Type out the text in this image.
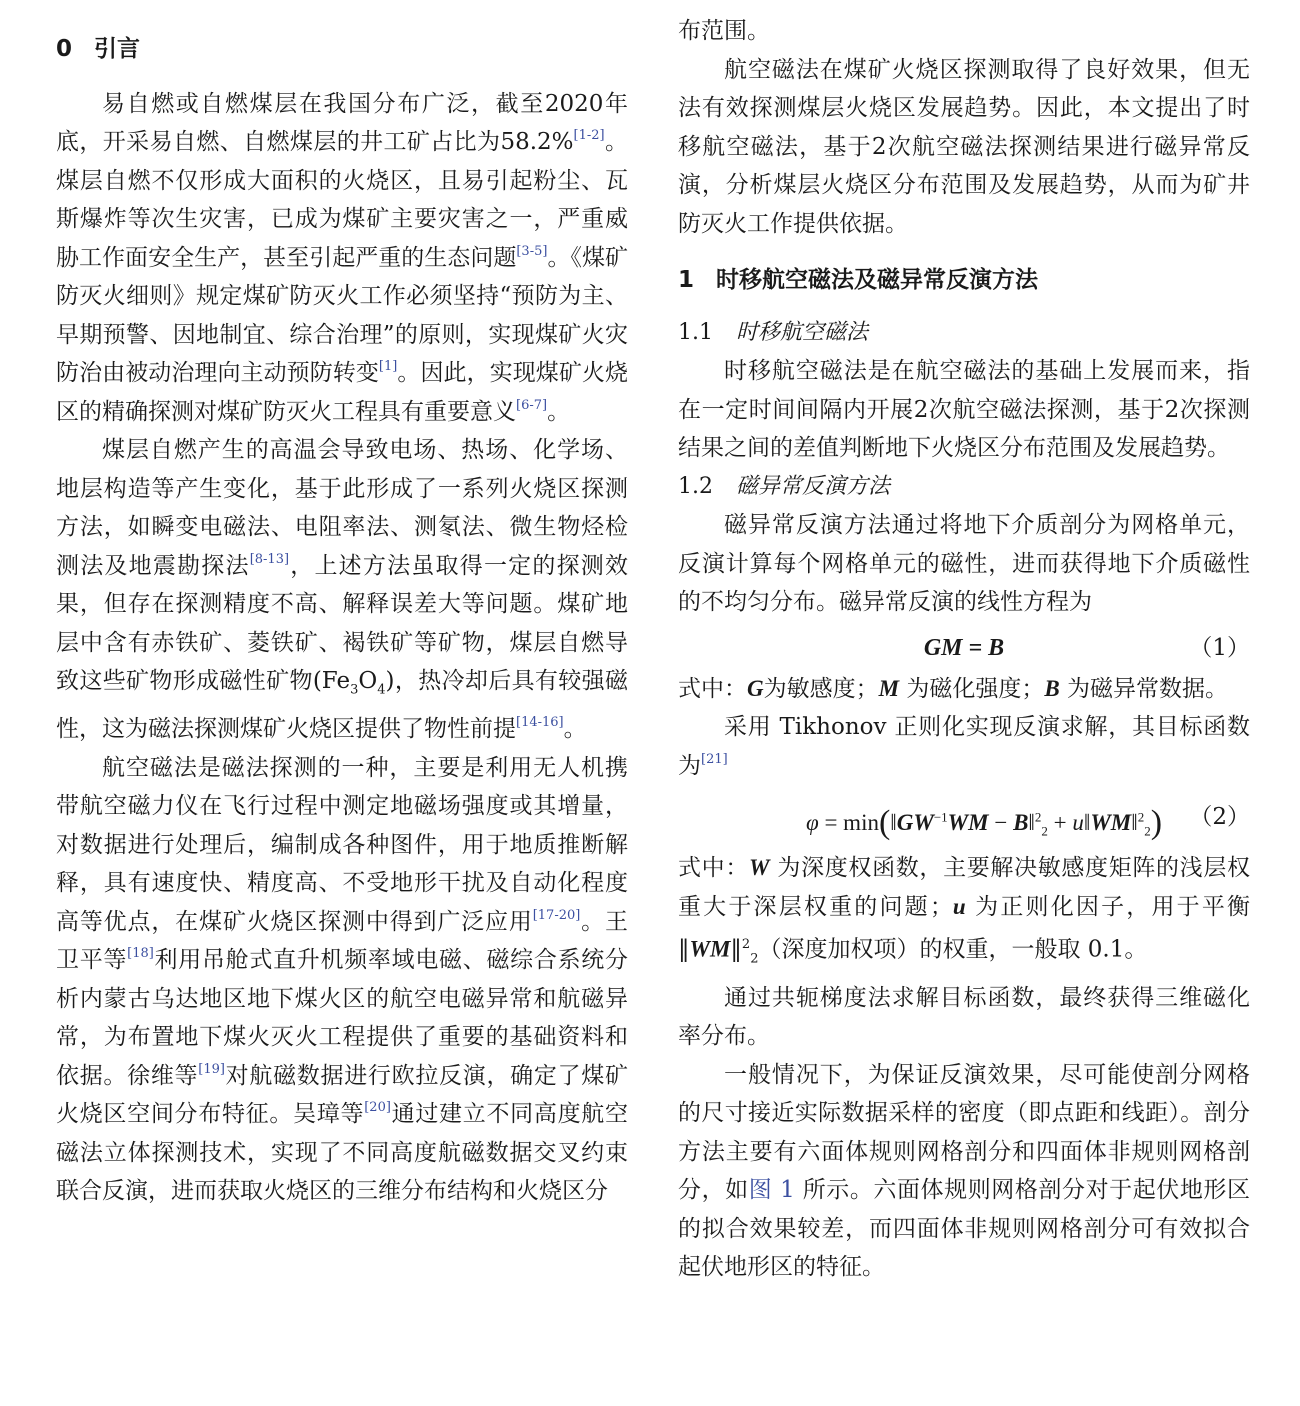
0 引言

易自燃或自燃煤层在我国分布广泛，截至2020年底，开采易自燃、自燃煤层的井工矿占比为58.2%[1-2]。煤层自燃不仅形成大面积的火烧区，且易引起粉尘、瓦斯爆炸等次生灾害，已成为煤矿主要灾害之一，严重威胁工作面安全生产，甚至引起严重的生态问题[3-5]。《煤矿防灭火细则》规定煤矿防灭火工作必须坚持“预防为主、早期预警、因地制宜、综合治理”的原则，实现煤矿火灾防治由被动治理向主动预防转变[1]。因此，实现煤矿火烧区的精确探测对煤矿防灭火工程具有重要意义[6-7]。

煤层自燃产生的高温会导致电场、热场、化学场、地层构造等产生变化，基于此形成了一系列火烧区探测方法，如瞬变电磁法、电阻率法、测氡法、微生物烃检测法及地震勘探法[8-13]，上述方法虽取得一定的探测效果，但存在探测精度不高、解释误差大等问题。煤矿地层中含有赤铁矿、菱铁矿、褐铁矿等矿物，煤层自燃导致这些矿物形成磁性矿物$(Fe_3O_4)$，热冷却后具有较强磁性，这为磁法探测煤矿火烧区提供了物性前提[14-16]。

航空磁法是磁法探测的一种，主要是利用无人机携带航空磁力仪在飞行过程中测定地磁场强度或其增量，对数据进行处理后，编制成各种图件，用于地质推断解释，具有速度快、精度高、不受地形干扰及自动化程度高等优点，在煤矿火烧区探测中得到广泛应用[17-20]。王卫平等[18]利用吊舱式直升机频率域电磁、磁综合系统分析内蒙古乌达地区地下煤火区的航空电磁异常和航磁异常，为布置地下煤火灭火工程提供了重要的基础资料和依据。徐维等[19]对航磁数据进行欧拉反演，确定了煤矿火烧区空间分布特征。吴璋等[20]通过建立不同高度航空磁法立体探测技术，实现了不同高度航磁数据交叉约束联合反演，进而获取火烧区的三维分布结构和火烧区分

布范围。

航空磁法在煤矿火烧区探测取得了良好效果，但无法有效探测煤层火烧区发展趋势。因此，本文提出了时移航空磁法，基于2次航空磁法探测结果进行磁异常反演，分析煤层火烧区分布范围及发展趋势，从而为矿井防灭火工作提供依据。

1 时移航空磁法及磁异常反演方法

1.1 时移航空磁法

时移航空磁法是在航空磁法的基础上发展而来，指在一定时间间隔内开展2次航空磁法探测，基于2次探测结果之间的差值判断地下火烧区分布范围及发展趋势。

1.2 磁异常反演方法

磁异常反演方法通过将地下介质剖分为网格单元，反演计算每个网格单元的磁性，进而获得地下介质磁性的不均匀分布。磁异常反演的线性方程为

GM = B	（1）

式中：G为敏感度；M 为磁化强度；B 为磁异常数据。

采用 Tikhonov 正则化实现反演求解，其目标函数为[21]

$\varphi = \min(‖GW^{-1}WM$ − B‖$^2_2$ + u‖WM‖$^2_2$) （2）

式中：W 为深度权函数，主要解决敏感度矩阵的浅层权重大于深层权重的问题；u 为正则化因子，用于平衡‖WM‖$^2_2$（深度加权项）的权重，一般取 0.1。

通过共轭梯度法求解目标函数，最终获得三维磁化率分布。

一般情况下，为保证反演效果，尽可能使剖分网格的尺寸接近实际数据采样的密度（即点距和线距）。剖分方法主要有六面体规则网格剖分和四面体非规则网格剖分，如图 1 所示。六面体规则网格剖分对于起伏地形区的拟合效果较差，而四面体非规则网格剖分可有效拟合起伏地形区的特征。
